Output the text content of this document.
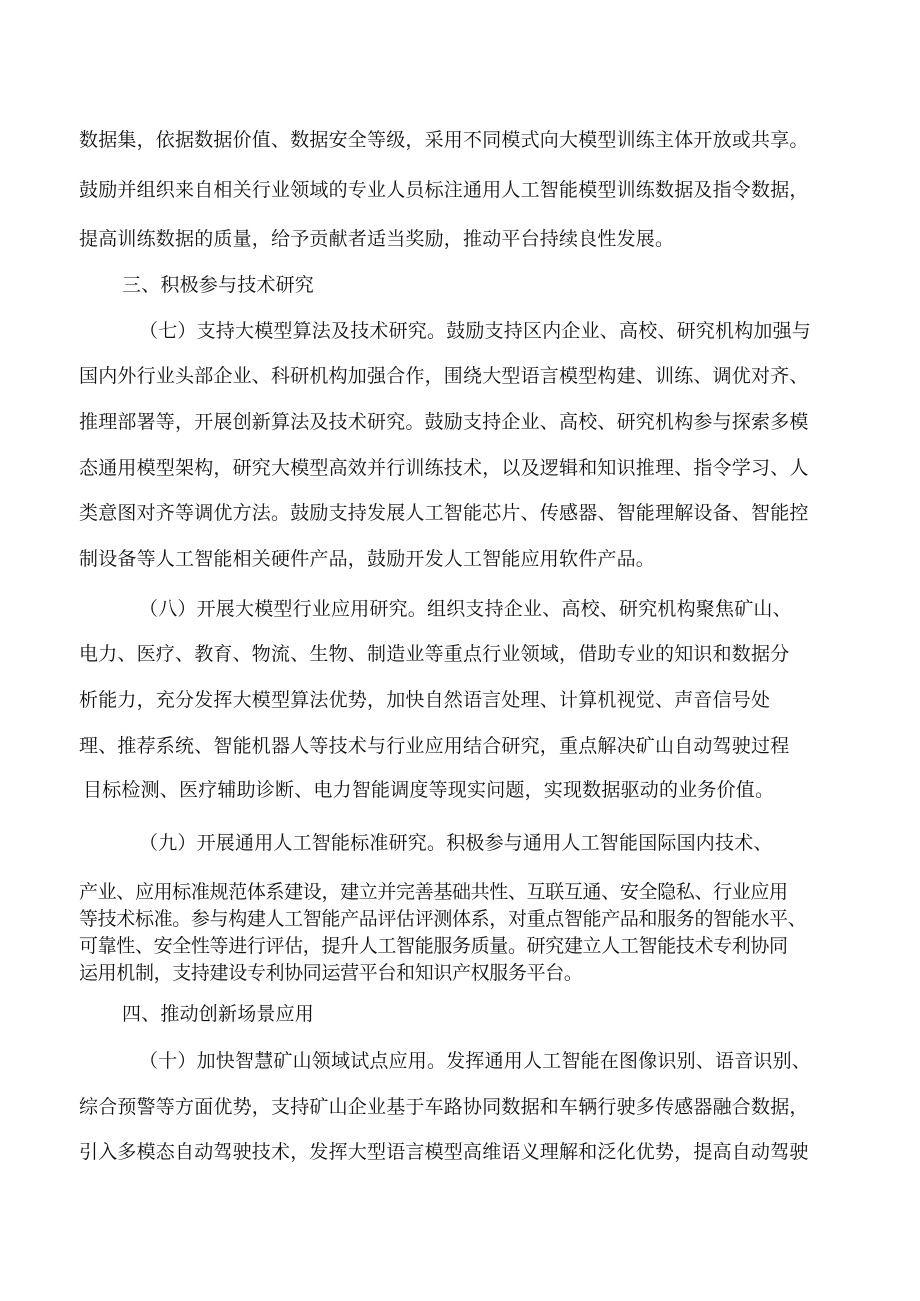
数据集，依据数据价值、数据安全等级，采用不同模式向大模型训练主体开放或共享。
鼓励并组织来自相关行业领域的专业人员标注通用人工智能模型训练数据及指令数据，
提高训练数据的质量，给予贡献者适当奖励，推动平台持续良性发展。
三、积极参与技术研究
（七）支持大模型算法及技术研究。鼓励支持区内企业、高校、研究机构加强与
国内外行业头部企业、科研机构加强合作，围绕大型语言模型构建、训练、调优对齐、
推理部署等，开展创新算法及技术研究。鼓励支持企业、高校、研究机构参与探索多模
态通用模型架构，研究大模型高效并行训练技术，以及逻辑和知识推理、指令学习、人
类意图对齐等调优方法。鼓励支持发展人工智能芯片、传感器、智能理解设备、智能控
制设备等人工智能相关硬件产品，鼓励开发人工智能应用软件产品。
（八）开展大模型行业应用研究。组织支持企业、高校、研究机构聚焦矿山、
电力、医疗、教育、物流、生物、制造业等重点行业领域，借助专业的知识和数据分
析能力，充分发挥大模型算法优势，加快自然语言处理、计算机视觉、声音信号处
理、推荐系统、智能机器人等技术与行业应用结合研究，重点解决矿山自动驾驶过程
目标检测、医疗辅助诊断、电力智能调度等现实问题，实现数据驱动的业务价值。
（九）开展通用人工智能标准研究。积极参与通用人工智能国际国内技术、
产业、应用标准规范体系建设，建立并完善基础共性、互联互通、安全隐私、行业应用
等技术标准。参与构建人工智能产品评估评测体系，对重点智能产品和服务的智能水平、
可靠性、安全性等进行评估，提升人工智能服务质量。研究建立人工智能技术专利协同
运用机制，支持建设专利协同运营平台和知识产权服务平台。
四、推动创新场景应用
（十）加快智慧矿山领域试点应用。发挥通用人工智能在图像识别、语音识别、
综合预警等方面优势，支持矿山企业基于车路协同数据和车辆行驶多传感器融合数据，
引入多模态自动驾驶技术，发挥大型语言模型高维语义理解和泛化优势，提高自动驾驶
